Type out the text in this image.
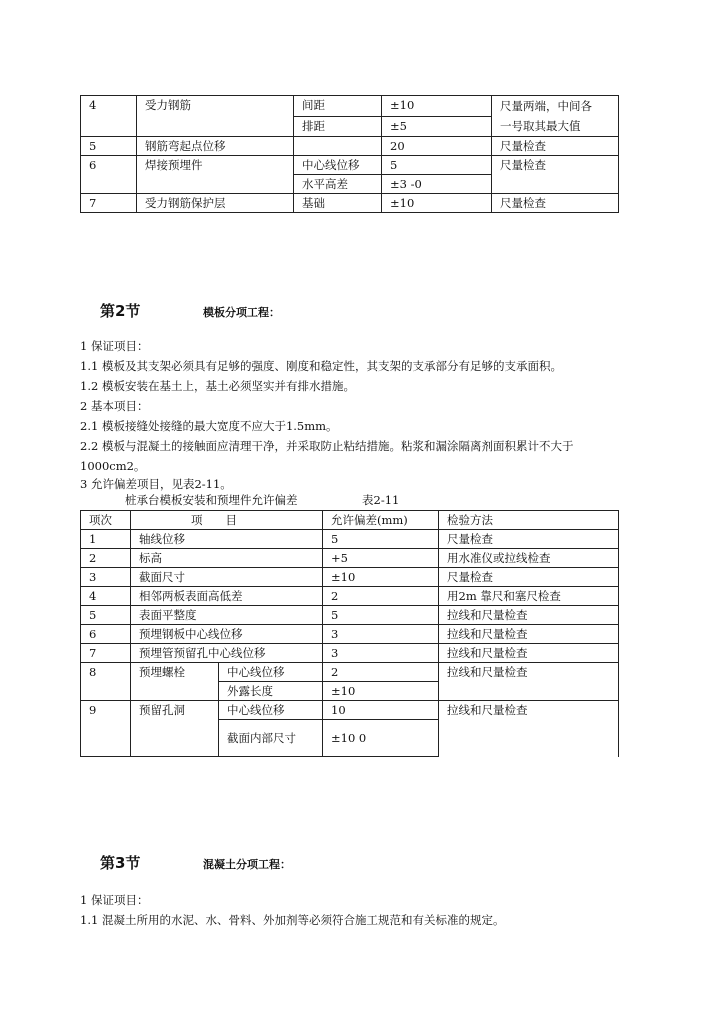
4	受力钢筋	间距	±10	尺量两端，中间各
一号取其最大值
		排距	±5	
5	钢筋弯起点位移		20	尺量检查
6	焊接预埋件	中心线位移	5	尺量检查
		水平高差	±3 -0	
7	受力钢筋保护层	基础	±10	尺量检查
第2节	模板分项工程：
1 保证项目：
1.1 模板及其支架必须具有足够的强度、刚度和稳定性，其支架的支承部分有足够的支承面积。
1.2 模板安装在基土上，基土必须坚实并有排水措施。
2 基本项目：
2.1 模板接缝处接缝的最大宽度不应大于1.5mm。
2.2 模板与混凝土的接触面应清理干净，并采取防止粘结措施。粘浆和漏涂隔离剂面积累计不大于
1000cm2。
3 允许偏差项目，见表2-11。
桩承台模板安装和预埋件允许偏差	表2-11
项次	项　　目		允许偏差(mm)	检验方法
1	轴线位移		5	尺量检查
2	标高		+5	用水准仪或拉线检查
3	截面尺寸		±10	尺量检查
4	相邻两板表面高低差		2	用2m 靠尺和塞尺检查
5	表面平整度		5	拉线和尺量检查
6	预埋钢板中心线位移		3	拉线和尺量检查
7	预埋管预留孔中心线位移		3	拉线和尺量检查
8	预埋螺栓	中心线位移	2	拉线和尺量检查
		外露长度	±10	
9	预留孔洞	中心线位移	10	拉线和尺量检查
		截面内部尺寸	±10 0	
第3节	混凝土分项工程：
1 保证项目：
1.1 混凝土所用的水泥、水、骨料、外加剂等必须符合施工规范和有关标准的规定。
